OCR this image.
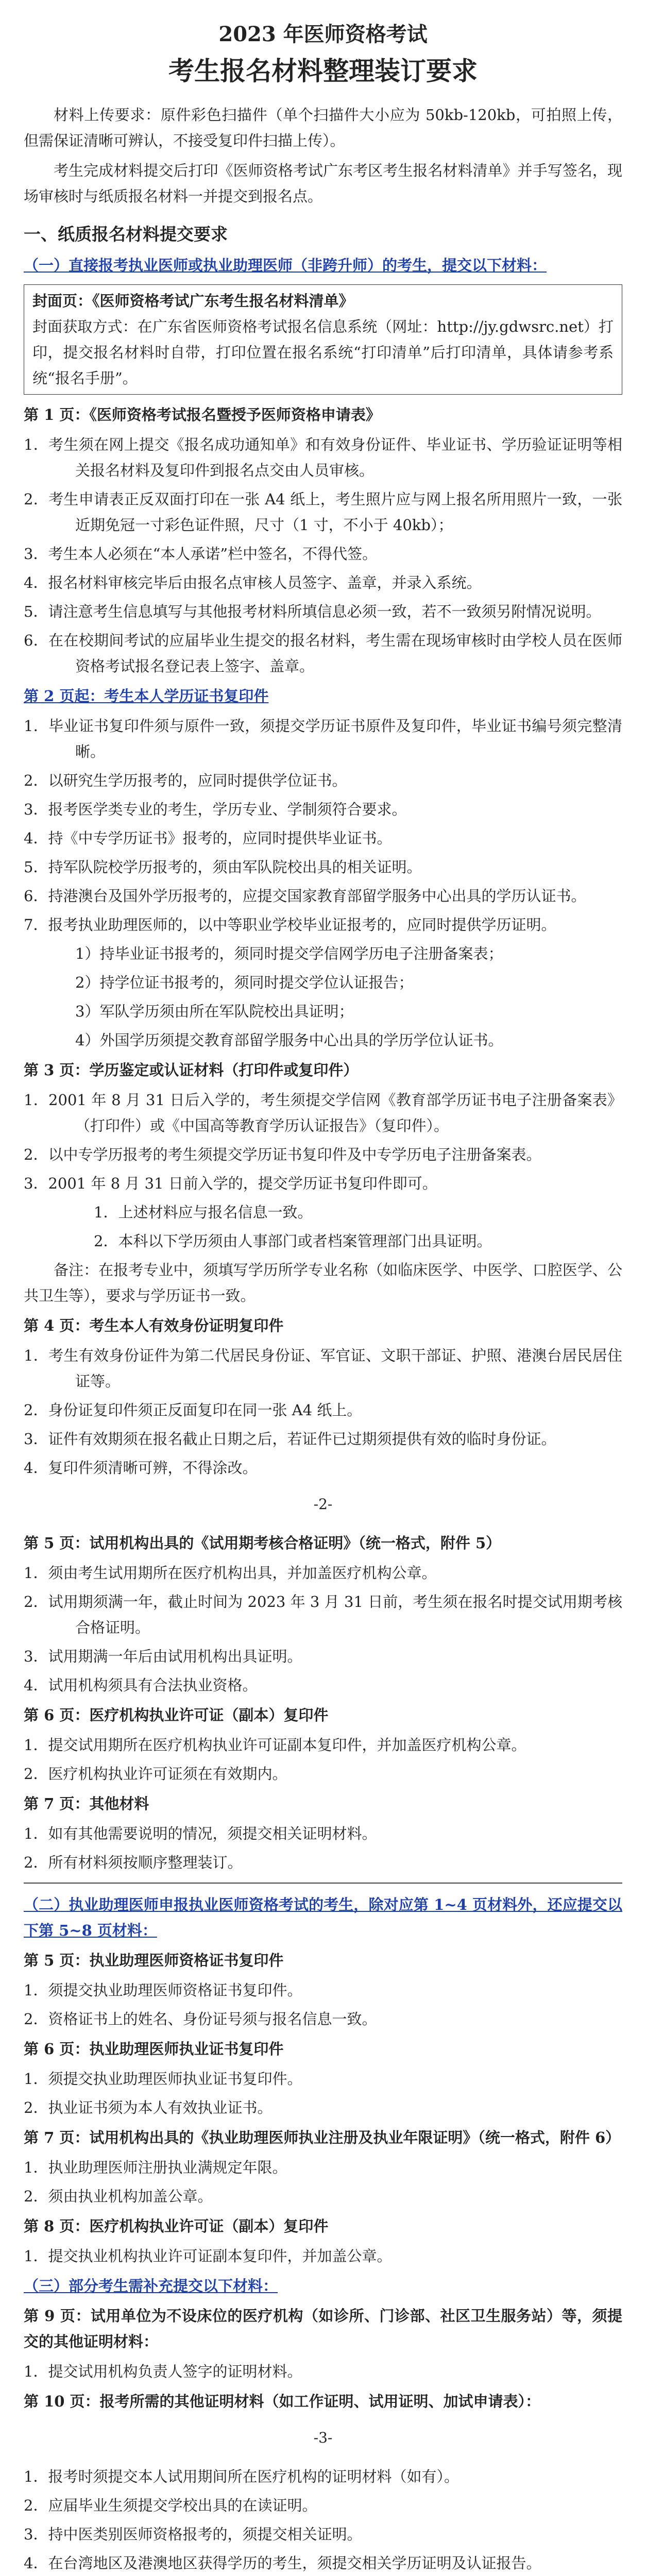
2023 年医师资格考试
考生报名材料整理装订要求

材料上传要求：原件彩色扫描件（单个扫描件大小应为 50kb-120kb，可拍照上传，但需保证清晰可辨认，不接受复印件扫描上传）。

考生完成材料提交后打印《医师资格考试广东考区考生报名材料清单》并手写签名，现场审核时与纸质报名材料一并提交到报名点。

一、纸质报名材料提交要求
（一）直接报考执业医师或执业助理医师（非跨升师）的考生，提交以下材料：

封面页：《医师资格考试广东考生报名材料清单》

封面获取方式：在广东省医师资格考试报名信息系统（网址：http://jy.gdwsrc.net）打印，提交报名材料时自带，打印位置在报名系统“打印清单”后打印清单，具体请参考系统“报名手册”。

第 1 页：《医师资格考试报名暨授予医师资格申请表》

1．考生须在网上提交《报名成功通知单》和有效身份证件、毕业证书、学历验证证明等相关报名材料及复印件到报名点交由人员审核。

2．考生申请表正反双面打印在一张 A4 纸上，考生照片应与网上报名所用照片一致，一张近期免冠一寸彩色证件照，尺寸（1 寸，不小于 40kb）；

3．考生本人必须在“本人承诺”栏中签名，不得代签。

4．报名材料审核完毕后由报名点审核人员签字、盖章，并录入系统。

5．请注意考生信息填写与其他报考材料所填信息必须一致，若不一致须另附情况说明。

6．在在校期间考试的应届毕业生提交的报名材料，考生需在现场审核时由学校人员在医师资格考试报名登记表上签字、盖章。

第 2 页起：考生本人学历证书复印件

1．毕业证书复印件须与原件一致，须提交学历证书原件及复印件，毕业证书编号须完整清晰。

2．以研究生学历报考的，应同时提供学位证书。

3．报考医学类专业的考生，学历专业、学制须符合要求。

4．持《中专学历证书》报考的，应同时提供毕业证书。

5．持军队院校学历报考的，须由军队院校出具的相关证明。

6．持港澳台及国外学历报考的，应提交国家教育部留学服务中心出具的学历认证书。

7．报考执业助理医师的，以中等职业学校毕业证报考的，应同时提供学历证明。

1）持毕业证书报考的，须同时提交学信网学历电子注册备案表；

2）持学位证书报考的，须同时提交学位认证报告；

3）军队学历须由所在军队院校出具证明；

4）外国学历须提交教育部留学服务中心出具的学历学位认证书。

第 3 页：学历鉴定或认证材料（打印件或复印件）

1．2001 年 8 月 31 日后入学的，考生须提交学信网《教育部学历证书电子注册备案表》（打印件）或《中国高等教育学历认证报告》（复印件）。

2．以中专学历报考的考生须提交学历证书复印件及中专学历电子注册备案表。

3．2001 年 8 月 31 日前入学的，提交学历证书复印件即可。

1．上述材料应与报名信息一致。

2．本科以下学历须由人事部门或者档案管理部门出具证明。

备注：在报考专业中，须填写学历所学专业名称（如临床医学、中医学、口腔医学、公共卫生等），要求与学历证书一致。

第 4 页：考生本人有效身份证明复印件

1．考生有效身份证件为第二代居民身份证、军官证、文职干部证、护照、港澳台居民居住证等。

2．身份证复印件须正反面复印在同一张 A4 纸上。

3．证件有效期须在报名截止日期之后，若证件已过期须提供有效的临时身份证。

4．复印件须清晰可辨，不得涂改。

-2-
第 5 页：试用机构出具的《试用期考核合格证明》（统一格式，附件 5）

1．须由考生试用期所在医疗机构出具，并加盖医疗机构公章。

2．试用期须满一年，截止时间为 2023 年 3 月 31 日前，考生须在报名时提交试用期考核合格证明。

3．试用期满一年后由试用机构出具证明。

4．试用机构须具有合法执业资格。

第 6 页：医疗机构执业许可证（副本）复印件

1．提交试用期所在医疗机构执业许可证副本复印件，并加盖医疗机构公章。

2．医疗机构执业许可证须在有效期内。

第 7 页：其他材料

1．如有其他需要说明的情况，须提交相关证明材料。

2．所有材料须按顺序整理装订。

（二）执业助理医师申报执业医师资格考试的考生，除对应第 1~4 页材料外，还应提交以下第 5~8 页材料：
第 5 页：执业助理医师资格证书复印件

1．须提交执业助理医师资格证书复印件。

2．资格证书上的姓名、身份证号须与报名信息一致。

第 6 页：执业助理医师执业证书复印件

1．须提交执业助理医师执业证书复印件。

2．执业证书须为本人有效执业证书。

第 7 页：试用机构出具的《执业助理医师执业注册及执业年限证明》（统一格式，附件 6）

1．执业助理医师注册执业满规定年限。

2．须由执业机构加盖公章。

第 8 页：医疗机构执业许可证（副本）复印件

1．提交执业机构执业许可证副本复印件，并加盖公章。

（三）部分考生需补充提交以下材料：
第 9 页：试用单位为不设床位的医疗机构（如诊所、门诊部、社区卫生服务站）等，须提交的其他证明材料：

1．提交试用机构负责人签字的证明材料。

第 10 页：报考所需的其他证明材料（如工作证明、试用证明、加试申请表）：
-3-

1．报考时须提交本人试用期间所在医疗机构的证明材料（如有）。

2．应届毕业生须提交学校出具的在读证明。

3．持中医类别医师资格报考的，须提交相关证明。

4．在台湾地区及港澳地区获得学历的考生，须提交相关学历证明及认证报告。
